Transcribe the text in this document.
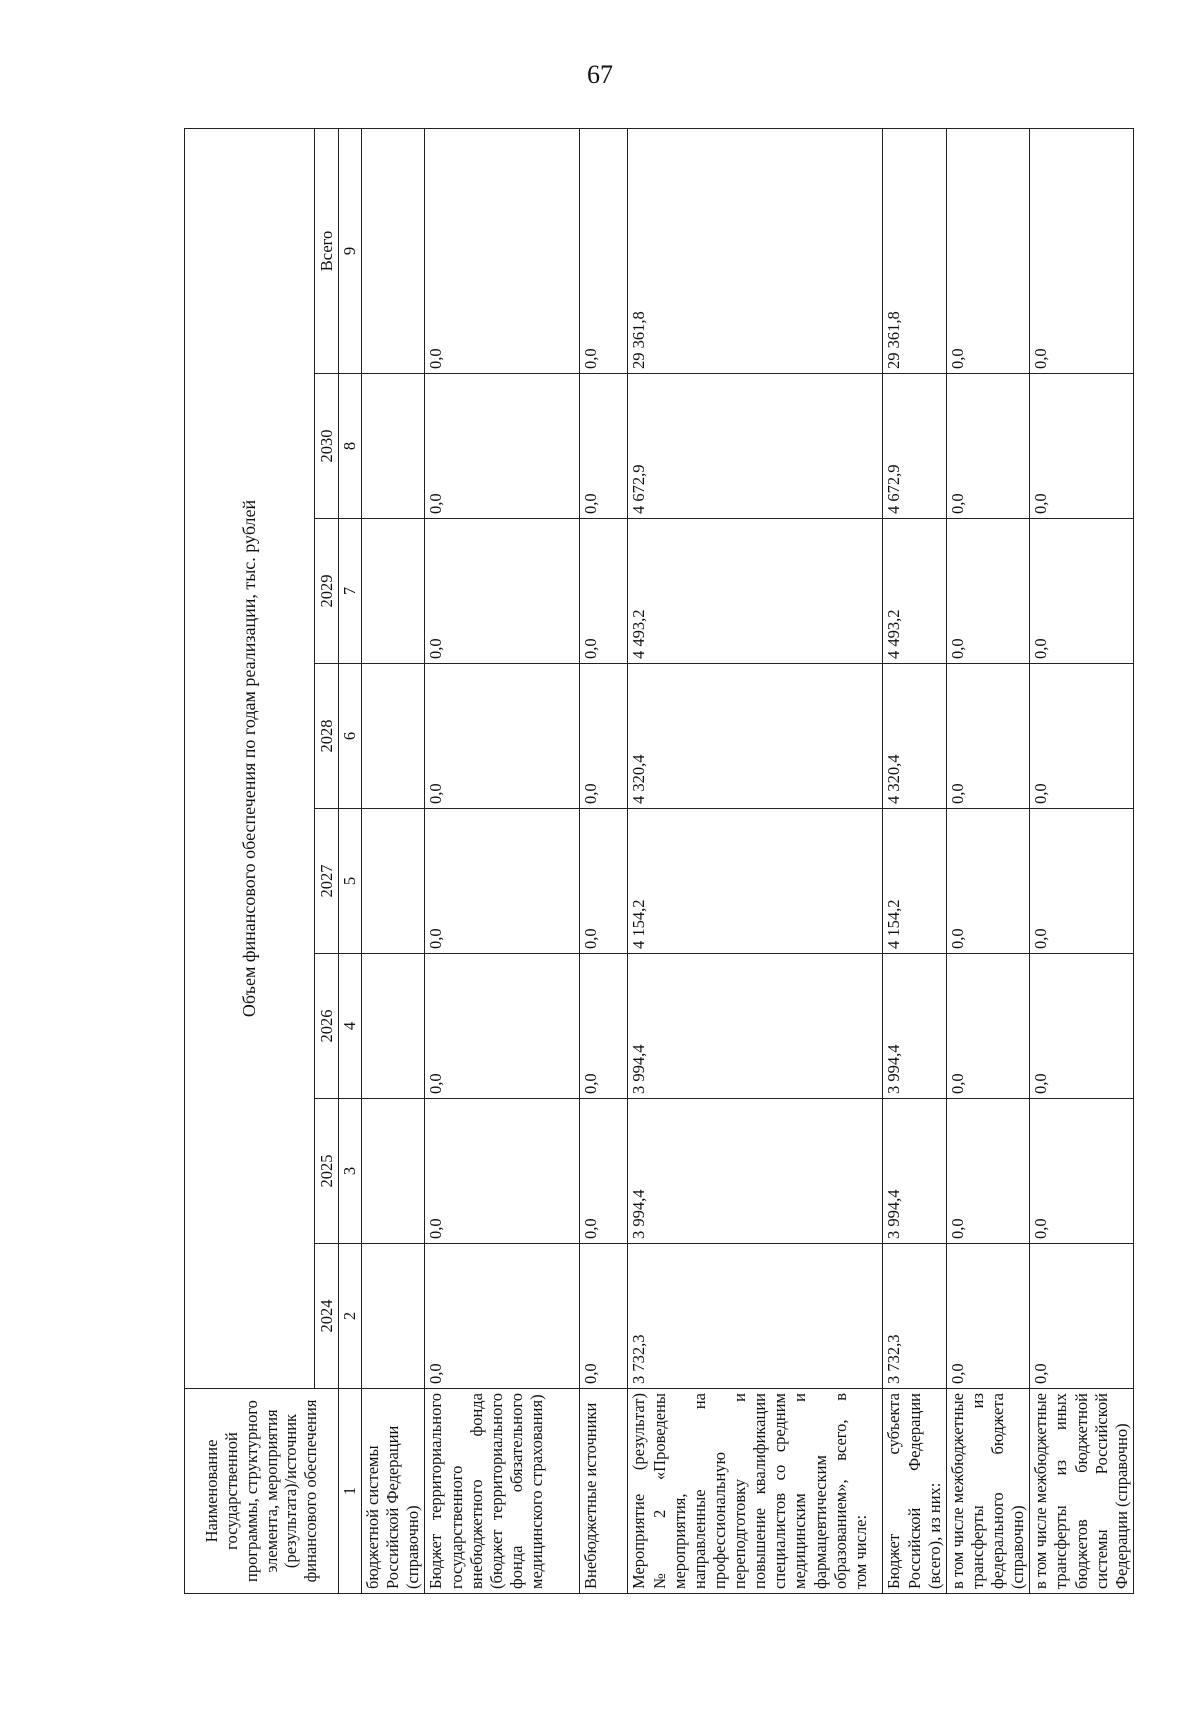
67
Наименование государственной программы, структурного элемента, мероприятия (результата)/источник финансового обеспечения	Объем финансового обеспечения по годам реализации, тыс. рублей							
	2024	2025	2026	2027	2028	2029	2030	Всего
1	2	3	4	5	6	7	8	9
бюджетной системы Российской Федерации (справочно)								
Бюджет территориального государственного внебюджетного фонда (бюджет территориального фонда обязательного медицинского страхования)	0,0	0,0	0,0	0,0	0,0	0,0	0,0	0,0
Внебюджетные источники	0,0	0,0	0,0	0,0	0,0	0,0	0,0	0,0
Мероприятие (результат) № 2 «Проведены мероприятия, направленные на профессиональную переподготовку и повышение квалификации специалистов со средним медицинским и фармацевтическим образованием», всего, в том числе:	3 732,3	3 994,4	3 994,4	4 154,2	4 320,4	4 493,2	4 672,9	29 361,8
Бюджет субъекта Российской Федерации (всего), из них:	3 732,3	3 994,4	3 994,4	4 154,2	4 320,4	4 493,2	4 672,9	29 361,8
в том числе межбюджетные трансферты из федерального бюджета (справочно)	0,0	0,0	0,0	0,0	0,0	0,0	0,0	0,0
в том числе межбюджетные трансферты из иных бюджетов бюджетной системы Российской Федерации (справочно)	0,0	0,0	0,0	0,0	0,0	0,0	0,0	0,0
